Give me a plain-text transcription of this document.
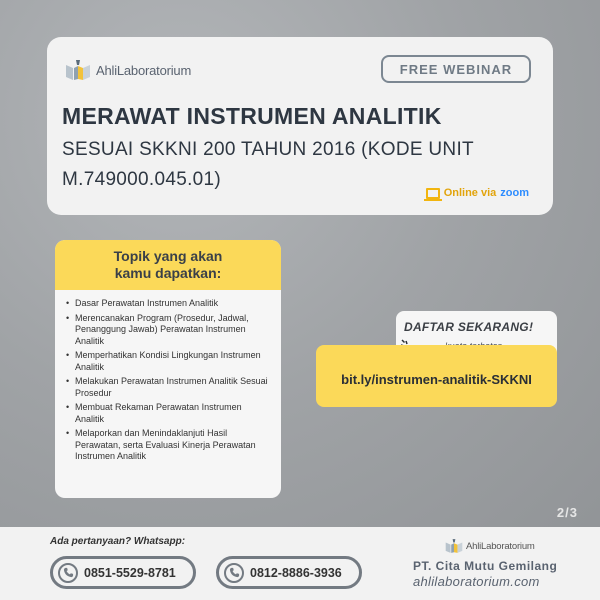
AhliLaboratorium	FREE WEBINAR
MERAWAT INSTRUMEN ANALITIK
SESUAI SKKNI 200 TAHUN 2016 (KODE UNIT M.749000.045.01)
Online via zoom
Topik yang akan
kamu dapatkan:
• Dasar Perawatan Instrumen Analitik
• Merencanakan Program (Prosedur, Jadwal, Penanggung Jawab) Perawatan Instrumen Analitik
• Memperhatikan Kondisi Lingkungan Instrumen Analitik
• Melakukan Perawatan Instrumen Analitik Sesuai Prosedur
• Membuat Rekaman Perawatan Instrumen Analitik
• Melaporkan dan Menindaklanjuti Hasil Perawatan, serta Evaluasi Kinerja Perawatan Instrumen Analitik
DAFTAR SEKARANG!
bit.ly/instrumen-analitik-SKKNI
2/3
Ada pertanyaan? Whatsapp:
0851-5529-8781	0812-8886-3936
AhliLaboratorium
PT. Cita Mutu Gemilang
ahlilaboratorium.com
